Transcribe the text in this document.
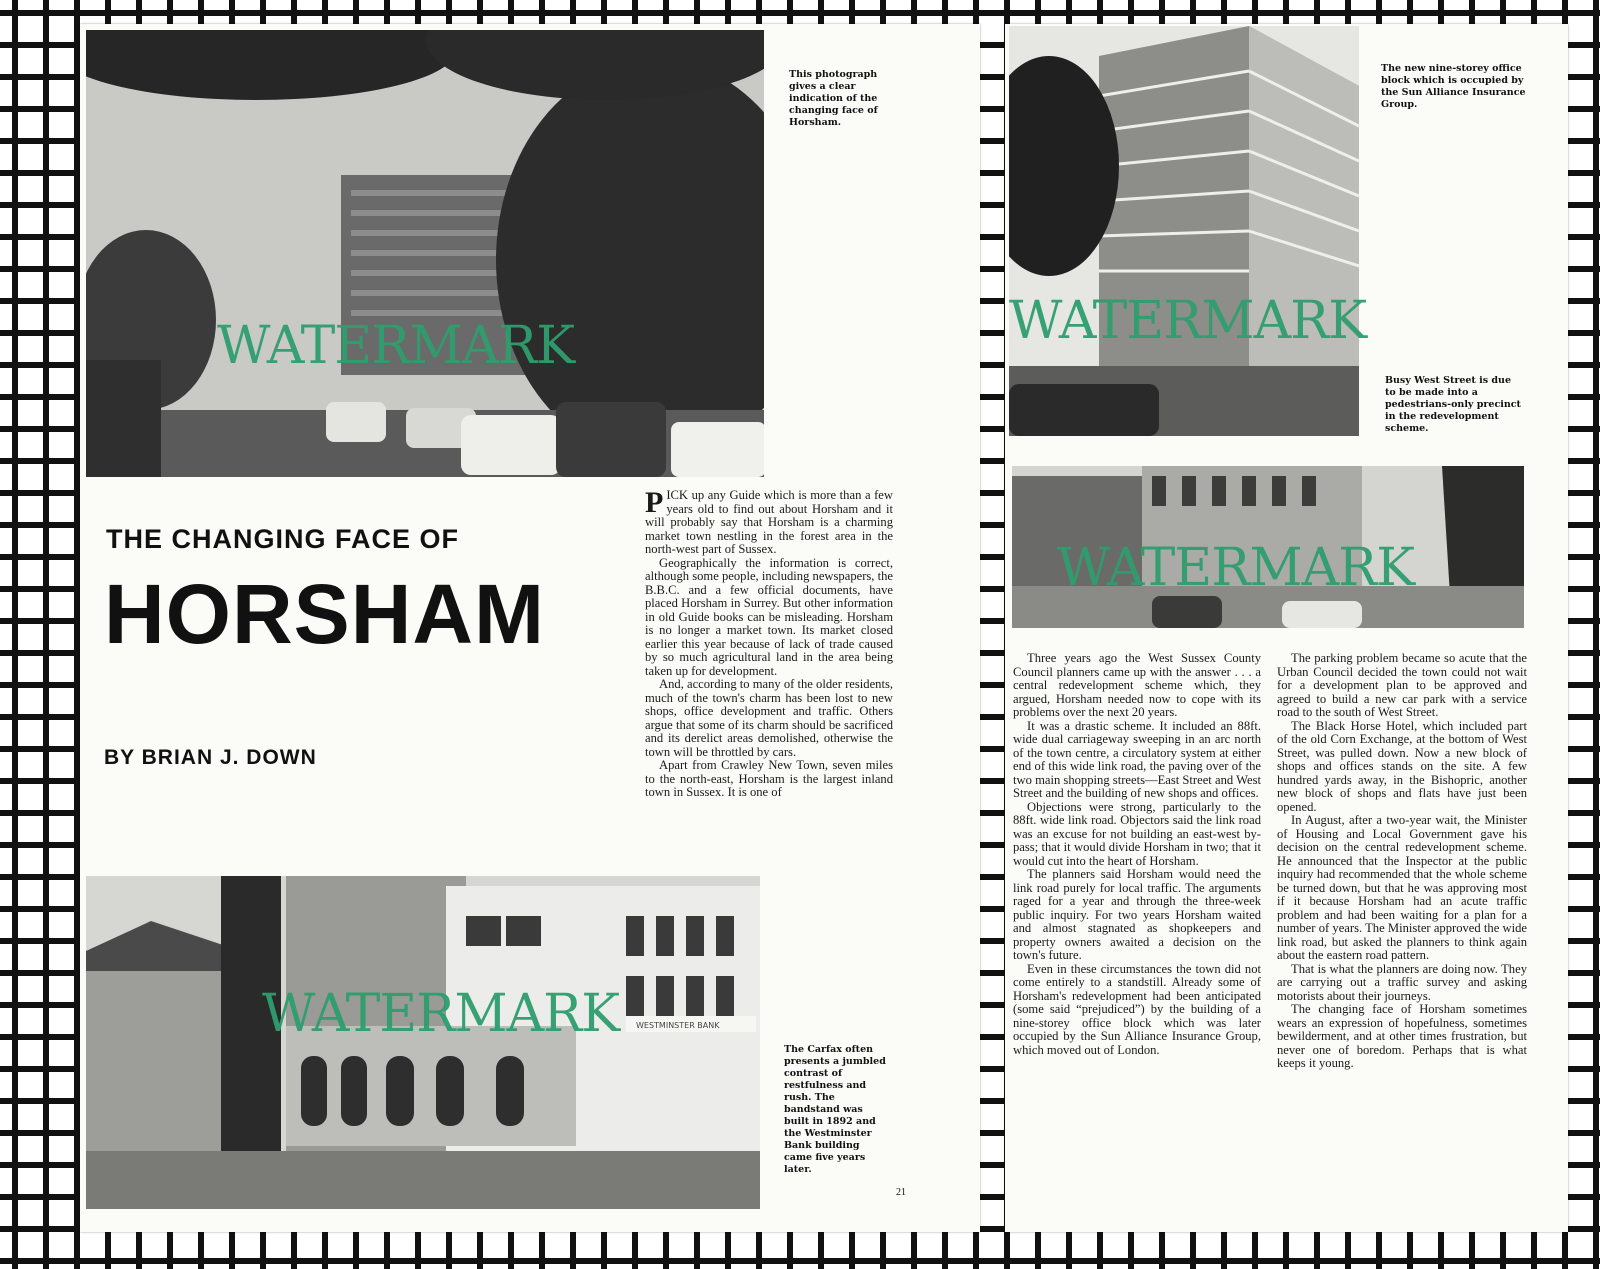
WATERMARK
This photograph gives a clear indication of the changing face of Horsham.
THE CHANGING FACE OF
HORSHAM
BY BRIAN J. DOWN

PICK up any Guide which is more than a few years old to find out about Horsham and it will probably say that Horsham is a charming market town nestling in the forest area in the north-west part of Sussex.

Geographically the information is correct, although some people, including newspapers, the B.B.C. and a few official documents, have placed Horsham in Surrey. But other information in old Guide books can be misleading. Horsham is no longer a market town. Its market closed earlier this year because of lack of trade caused by so much agricultural land in the area being taken up for development.

And, according to many of the older residents, much of the town's charm has been lost to new shops, office development and traffic. Others argue that some of its charm should be sacrificed and its derelict areas demolished, otherwise the town will be throttled by cars.

Apart from Crawley New Town, seven miles to the north-east, Horsham is the largest inland town in Sussex. It is one of

WESTMINSTER BANK
WATERMARK
The Carfax often presents a jumbled contrast of restfulness and rush. The bandstand was built in 1892 and the Westminster Bank building came five years later.
21
WATERMARK
The new nine-storey office block which is occupied by the Sun Alliance Insurance Group.
Busy West Street is due to be made into a pedestrians-only precinct in the redevelopment scheme.
WATERMARK

Three years ago the West Sussex County Council planners came up with the answer . . . a central redevelopment scheme which, they argued, Horsham needed now to cope with its problems over the next 20 years.

It was a drastic scheme. It included an 88ft. wide dual carriageway sweeping in an arc north of the town centre, a circulatory system at either end of this wide link road, the paving over of the two main shopping streets—East Street and West Street and the building of new shops and offices.

Objections were strong, particularly to the 88ft. wide link road. Objectors said the link road was an excuse for not building an east-west by-pass; that it would divide Horsham in two; that it would cut into the heart of Horsham.

The planners said Horsham would need the link road purely for local traffic. The arguments raged for a year and through the three-week public inquiry. For two years Horsham waited and almost stagnated as shopkeepers and property owners awaited a decision on the town's future.

Even in these circumstances the town did not come entirely to a standstill. Already some of Horsham's redevelopment had been anticipated (some said “prejudiced”) by the building of a nine-storey office block which was later occupied by the Sun Alliance Insurance Group, which moved out of London.

The parking problem became so acute that the Urban Council decided the town could not wait for a development plan to be approved and agreed to build a new car park with a service road to the south of West Street.

The Black Horse Hotel, which included part of the old Corn Exchange, at the bottom of West Street, was pulled down. Now a new block of shops and offices stands on the site. A few hundred yards away, in the Bishopric, another new block of shops and flats have just been opened.

In August, after a two-year wait, the Minister of Housing and Local Government gave his decision on the central redevelopment scheme. He announced that the Inspector at the public inquiry had recommended that the whole scheme be turned down, but that he was approving most if it because Horsham had an acute traffic problem and had been waiting for a plan for a number of years. The Minister approved the wide link road, but asked the planners to think again about the eastern road pattern.

That is what the planners are doing now. They are carrying out a traffic survey and asking motorists about their journeys.

The changing face of Horsham sometimes wears an expression of hopefulness, sometimes bewilderment, and at other times frustration, but never one of boredom. Perhaps that is what keeps it young.
